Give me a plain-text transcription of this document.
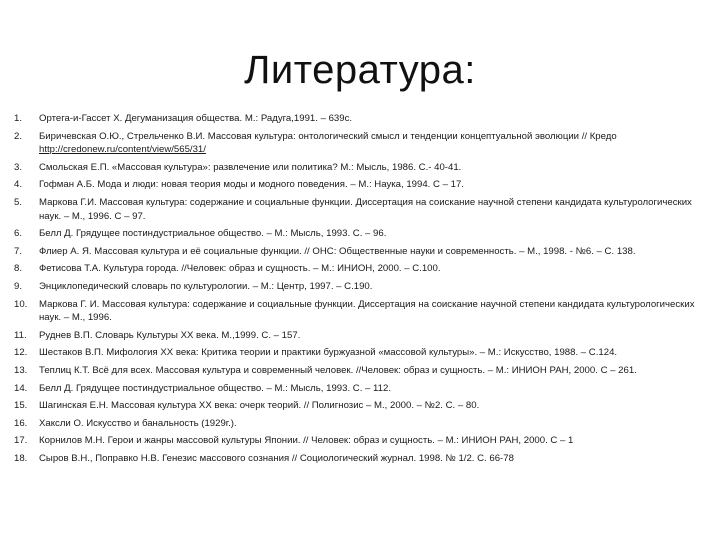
Литература:
1.	Ортега-и-Гассет Х. Дегуманизация общества. М.: Радуга,1991. – 639с.
2.	Биричевская О.Ю., Стрельченко В.И. Массовая культура: онтологический смысл и тенденции концептуальной эволюции // Кредо http://credonew.ru/content/view/565/31/
3.	Смольская Е.П. «Массовая культура»: развлечение или политика? М.: Мысль, 1986. С.- 40-41.
4.	Гофман А.Б. Мода и люди: новая теория моды и модного поведения. – М.: Наука, 1994. С – 17.
5.	Маркова Г.И. Массовая культура: содержание и социальные функции. Диссертация на соискание научной степени кандидата культурологических наук. – М., 1996. С – 97.
6.	Белл Д. Грядущее постиндустриальное общество. – М.: Мысль, 1993. С. – 96.
7.	Флиер А. Я. Массовая культура и её социальные функции. // ОНС: Общественные науки и современность. – М., 1998. - №6. – С. 138.
8.	Фетисова Т.А. Культура города. //Человек: образ и сущность. – М.: ИНИОН, 2000. – С.100.
9.	Энциклопедический словарь по культурологии. – М.: Центр, 1997. – С.190.
10.	Маркова Г. И. Массовая культура: содержание и социальные функции. Диссертация на соискание научной степени кандидата культурологических наук. – М., 1996.
11.	Руднев В.П. Словарь Культуры XX века. М.,1999. С. – 157.
12.	Шестаков В.П. Мифология XX века: Критика теории и практики буржуазной «массовой культуры». – М.: Искусство, 1988. – С.124.
13.	Теплиц К.Т. Всё для всех. Массовая культура и современный человек. //Человек: образ и сущность. – М.: ИНИОН РАН, 2000. С – 261.
14.	Белл Д. Грядущее постиндустриальное общество. – М.: Мысль, 1993. С. – 112.
15.	Шагинская Е.Н. Массовая культура XX века: очерк теорий. // Полигнозис – М., 2000. – №2. С. – 80.
16.	Хаксли О. Искусство и банальность (1929г.).
17.	Корнилов М.Н. Герои и жанры массовой культуры Японии. // Человек: образ и сущность. – М.: ИНИОН РАН, 2000. С – 1
18.	Сыров В.Н., Поправко Н.В. Генезис массового сознания // Социологический журнал. 1998. № 1/2. С. 66-78
